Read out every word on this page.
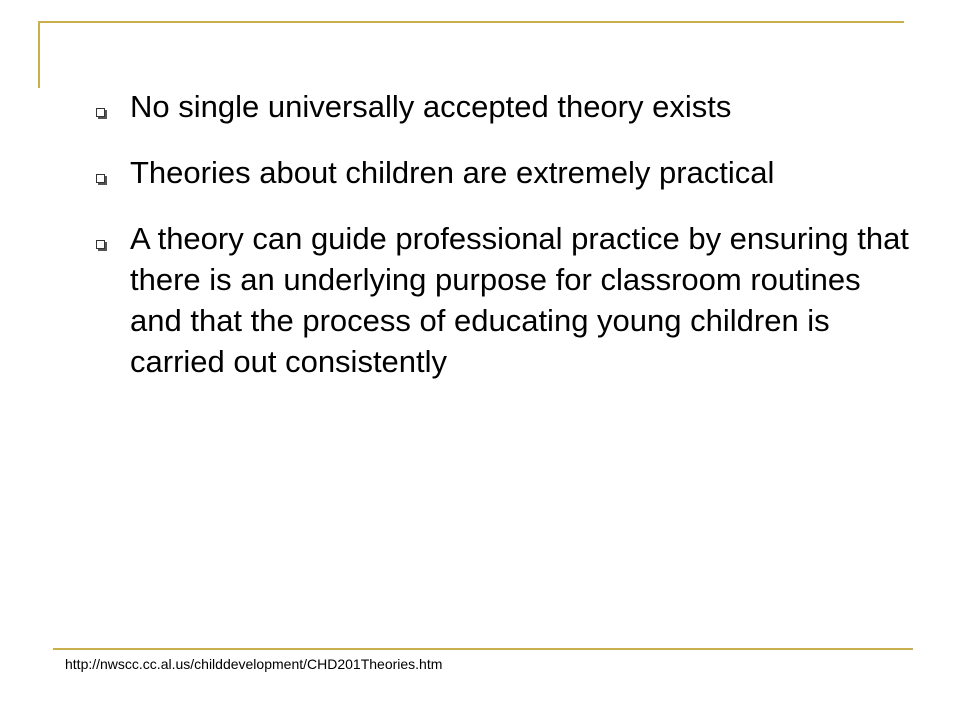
No single universally accepted theory exists
Theories about children are extremely practical
A theory can guide professional practice by ensuring that there is an underlying purpose for classroom routines and that the process of educating young children is carried out consistently
http://nwscc.cc.al.us/childdevelopment/CHD201Theories.htm
